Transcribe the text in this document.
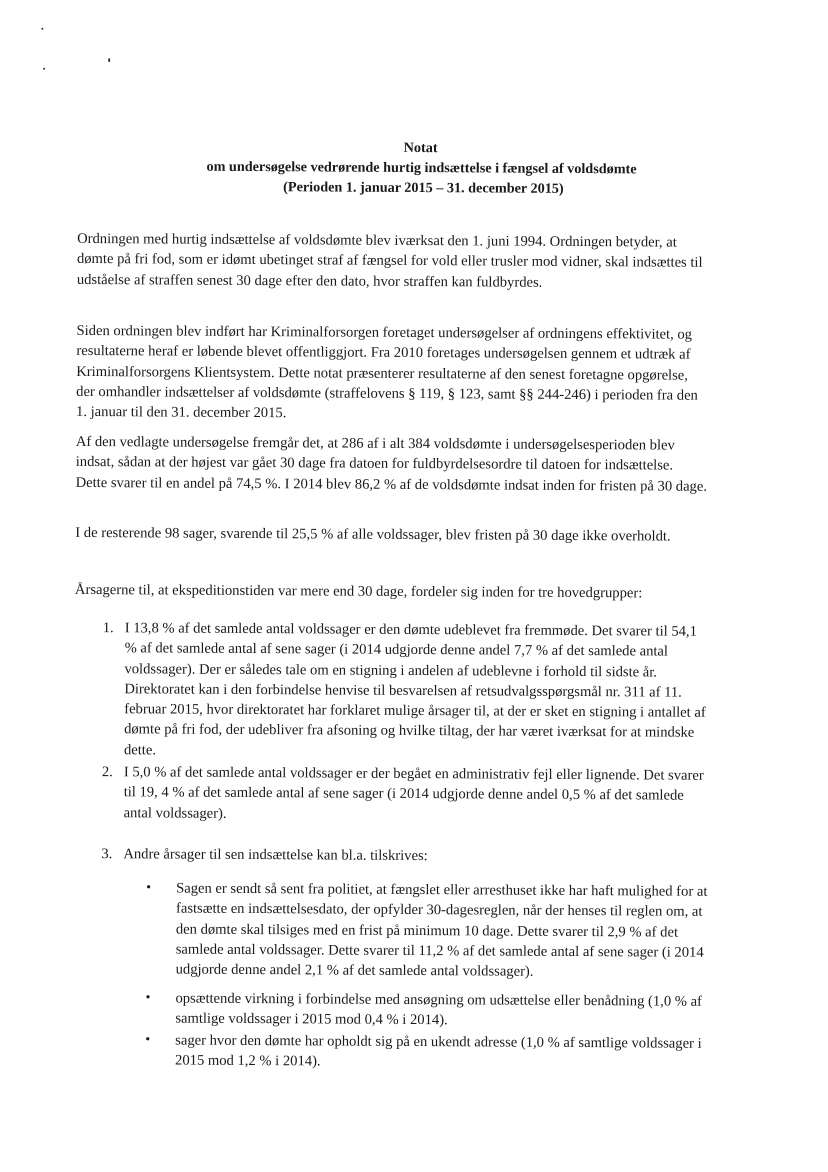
Notat
om undersøgelse vedrørende hurtig indsættelse i fængsel af voldsdømte
(Perioden 1. januar 2015 – 31. december 2015)
Ordningen med hurtig indsættelse af voldsdømte blev iværksat den 1. juni 1994. Ordningen betyder, at dømte på fri fod, som er idømt ubetinget straf af fængsel for vold eller trusler mod vidner, skal indsættes til udståelse af straffen senest 30 dage efter den dato, hvor straffen kan fuldbyrdes.
Siden ordningen blev indført har Kriminalforsorgen foretaget undersøgelser af ordningens effektivitet, og resultaterne heraf er løbende blevet offentliggjort. Fra 2010 foretages undersøgelsen gennem et udtræk af Kriminalforsorgens Klientsystem. Dette notat præsenterer resultaterne af den senest foretagne opgørelse, der omhandler indsættelser af voldsdømte (straffelovens § 119, § 123, samt §§ 244-246) i perioden fra den 1. januar til den 31. december 2015.
Af den vedlagte undersøgelse fremgår det, at 286 af i alt 384 voldsdømte i undersøgelsesperioden blev indsat, sådan at der højest var gået 30 dage fra datoen for fuldbyrdelsesordre til datoen for indsættelse. Dette svarer til en andel på 74,5 %. I 2014 blev 86,2 % af de voldsdømte indsat inden for fristen på 30 dage.
I de resterende 98 sager, svarende til 25,5 % af alle voldssager, blev fristen på 30 dage ikke overholdt.
Årsagerne til, at ekspeditionstiden var mere end 30 dage, fordeler sig inden for tre hovedgrupper:
1. I 13,8 % af det samlede antal voldssager er den dømte udeblevet fra fremmøde. Det svarer til 54,1 % af det samlede antal af sene sager (i 2014 udgjorde denne andel 7,7 % af det samlede antal voldssager). Der er således tale om en stigning i andelen af udeblevne i forhold til sidste år. Direktoratet kan i den forbindelse henvise til besvarelsen af retsudvalgsspørgsmål nr. 311 af 11. februar 2015, hvor direktoratet har forklaret mulige årsager til, at der er sket en stigning i antallet af dømte på fri fod, der udebliver fra afsoning og hvilke tiltag, der har været iværksat for at mindske dette.
2. I 5,0 % af det samlede antal voldssager er der begået en administrativ fejl eller lignende. Det svarer til 19, 4 % af det samlede antal af sene sager (i 2014 udgjorde denne andel 0,5 % af det samlede antal voldssager).
3. Andre årsager til sen indsættelse kan bl.a. tilskrives:
• Sagen er sendt så sent fra politiet, at fængslet eller arresthuset ikke har haft mulighed for at fastsætte en indsættelsesdato, der opfylder 30-dagesreglen, når der henses til reglen om, at den dømte skal tilsiges med en frist på minimum 10 dage. Dette svarer til 2,9 % af det samlede antal voldssager. Dette svarer til 11,2 % af det samlede antal af sene sager (i 2014 udgjorde denne andel 2,1 % af det samlede antal voldssager).
• opsættende virkning i forbindelse med ansøgning om udsættelse eller benådning (1,0 % af samtlige voldssager i 2015 mod 0,4 % i 2014).
• sager hvor den dømte har opholdt sig på en ukendt adresse (1,0 % af samtlige voldssager i 2015 mod 1,2 % i 2014).
